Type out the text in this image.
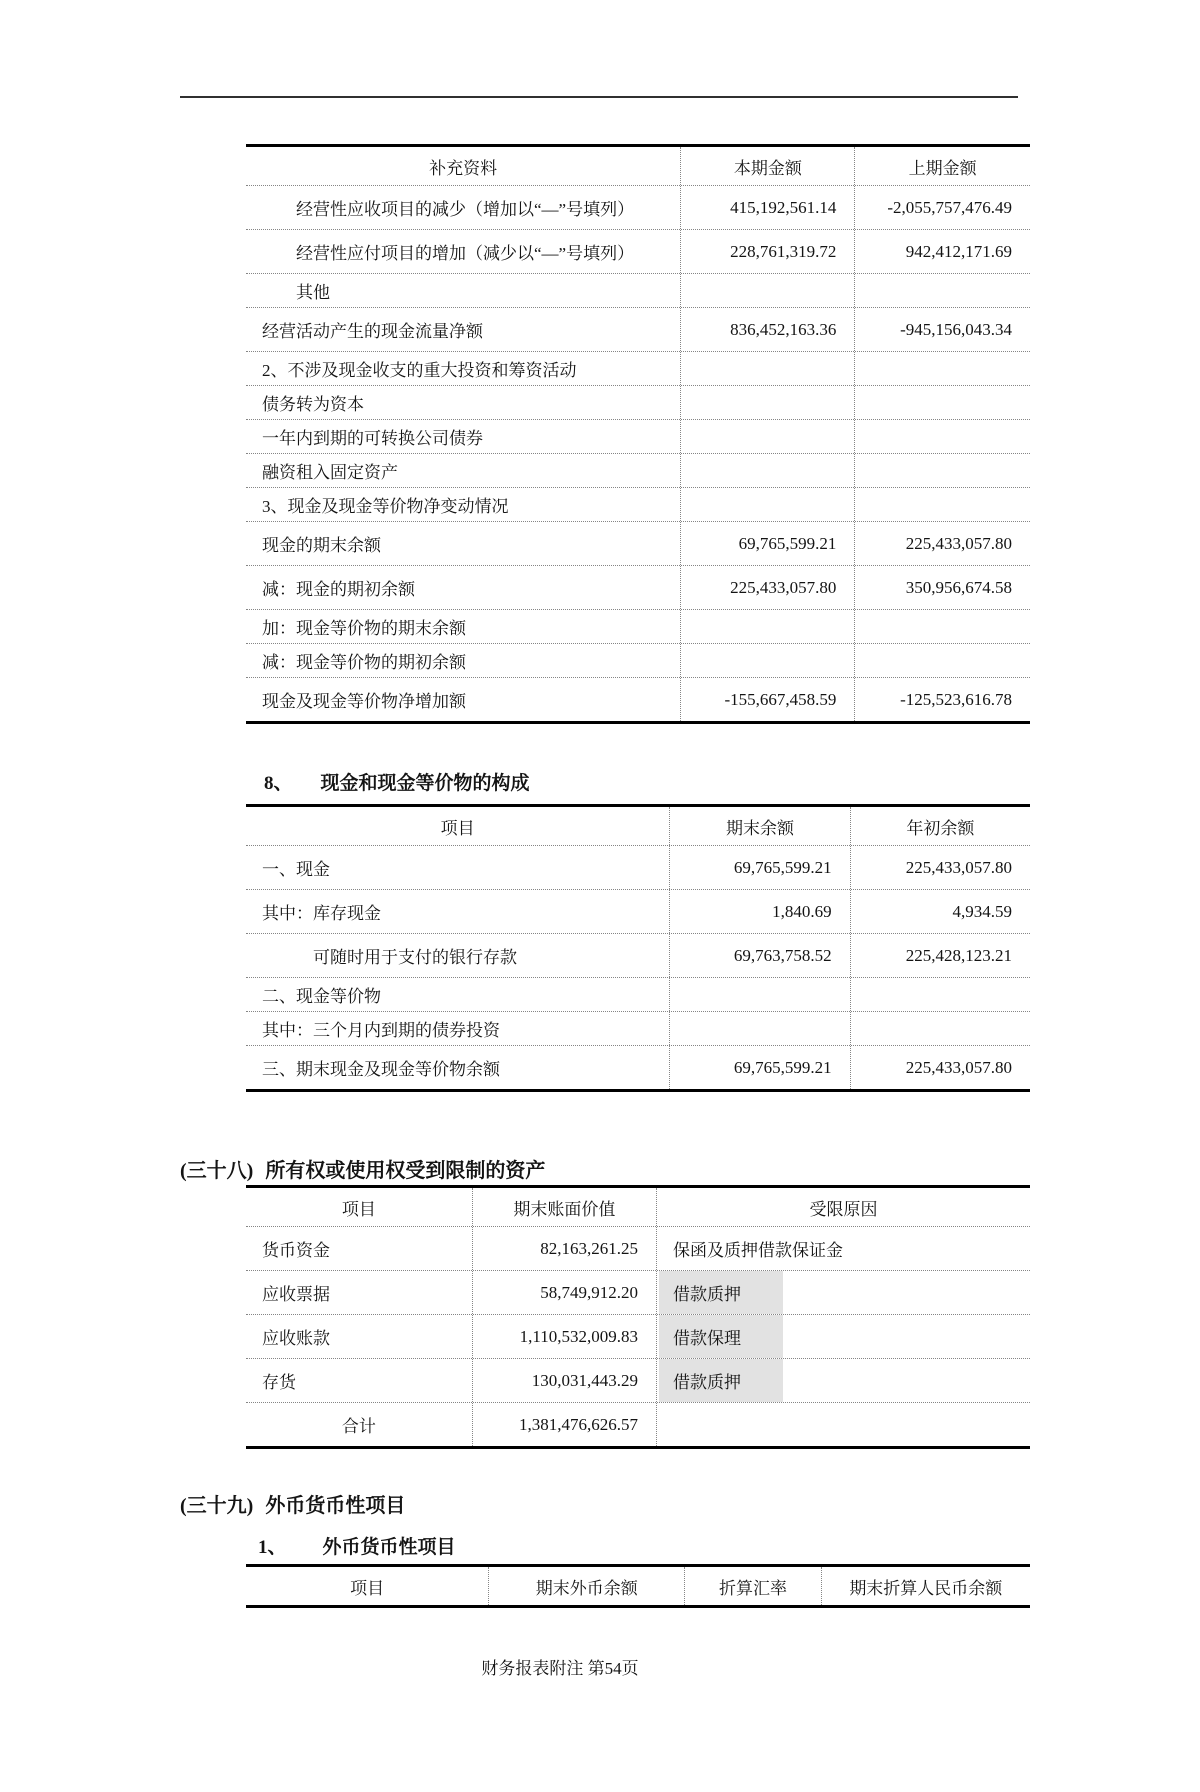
补充资料	本期金额	上期金额
经营性应收项目的减少（增加以“—”号填列）	415,192,561.14	-2,055,757,476.49
经营性应付项目的增加（减少以“—”号填列）	228,761,319.72	942,412,171.69
其他
经营活动产生的现金流量净额	836,452,163.36	-945,156,043.34
2、不涉及现金收支的重大投资和筹资活动
债务转为资本
一年内到期的可转换公司债券
融资租入固定资产
3、现金及现金等价物净变动情况
现金的期末余额	69,765,599.21	225,433,057.80
减：现金的期初余额	225,433,057.80	350,956,674.58
加：现金等价物的期末余额
减：现金等价物的期初余额
现金及现金等价物净增加额	-155,667,458.59	-125,523,616.78
8、 现金和现金等价物的构成
项目	期末余额	年初余额
一、现金	69,765,599.21	225,433,057.80
其中：库存现金	1,840.69	4,934.59
可随时用于支付的银行存款	69,763,758.52	225,428,123.21
二、现金等价物
其中：三个月内到期的债券投资
三、期末现金及现金等价物余额	69,765,599.21	225,433,057.80
(三十八) 所有权或使用权受到限制的资产
项目	期末账面价值	受限原因
货币资金	82,163,261.25	保函及质押借款保证金
应收票据	58,749,912.20	借款质押
应收账款	1,110,532,009.83	借款保理
存货	130,031,443.29	借款质押
合计	1,381,476,626.57
(三十九) 外币货币性项目
1、 外币货币性项目
项目	期末外币余额	折算汇率	期末折算人民币余额
财务报表附注 第54页
